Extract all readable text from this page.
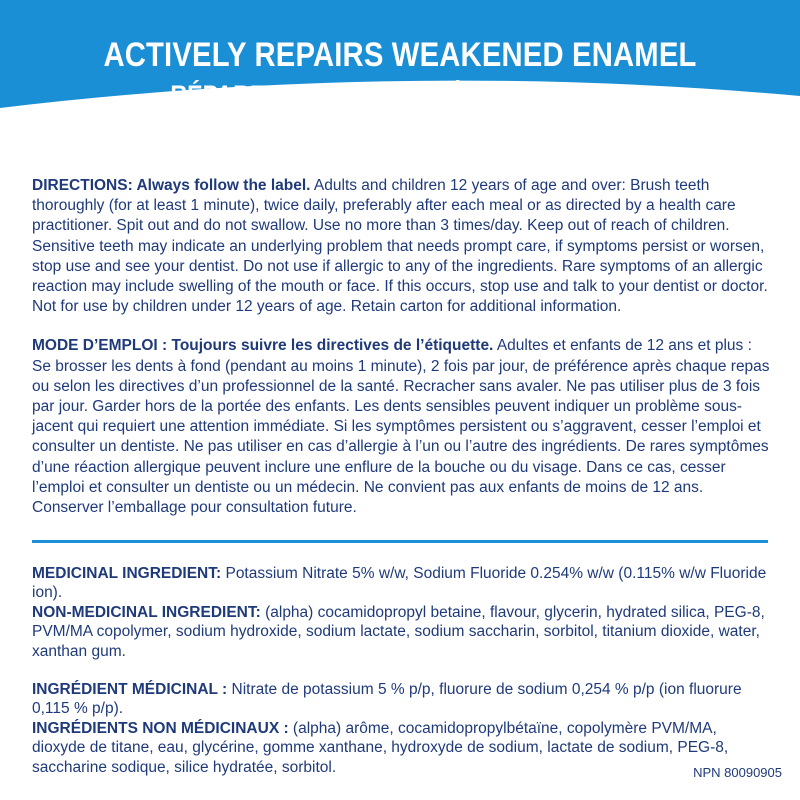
ACTIVELY REPAIRS WEAKENED ENAMEL
RÉPARE ACTIVEMENT L’ÉMAIL AFFAIBLI

DIRECTIONS: Always follow the label. Adults and children 12 years of age and over: Brush teeth thoroughly (for at least 1 minute), twice daily, preferably after each meal or as directed by a health care practitioner. Spit out and do not swallow. Use no more than 3 times/day. Keep out of reach of children. Sensitive teeth may indicate an underlying problem that needs prompt care, if symptoms persist or worsen, stop use and see your dentist. Do not use if allergic to any of the ingredients. Rare symptoms of an allergic reaction may include swelling of the mouth or face. If this occurs, stop use and talk to your dentist or doctor. Not for use by children under 12 years of age. Retain carton for additional information.

MODE D’EMPLOI : Toujours suivre les directives de l’étiquette. Adultes et enfants de 12 ans et plus : Se brosser les dents à fond (pendant au moins 1 minute), 2 fois par jour, de préférence après chaque repas ou selon les directives d’un professionnel de la santé. Recracher sans avaler. Ne pas utiliser plus de 3 fois par jour. Garder hors de la portée des enfants. Les dents sensibles peuvent indiquer un problème sous-jacent qui requiert une attention immédiate. Si les symptômes persistent ou s’aggravent, cesser l’emploi et consulter un dentiste. Ne pas utiliser en cas d’allergie à l’un ou l’autre des ingrédients. De rares symptômes d’une réaction allergique peuvent inclure une enflure de la bouche ou du visage. Dans ce cas, cesser l’emploi et consulter un dentiste ou un médecin. Ne convient pas aux enfants de moins de 12 ans. Conserver l’emballage pour consultation future.

MEDICINAL INGREDIENT: Potassium Nitrate 5% w/w, Sodium Fluoride 0.254% w/w (0.115% w/w Fluoride ion).

NON-MEDICINAL INGREDIENT: (alpha) cocamidopropyl betaine, flavour, glycerin, hydrated silica, PEG-8, PVM/MA copolymer, sodium hydroxide, sodium lactate, sodium saccharin, sorbitol, titanium dioxide, water, xanthan gum.

INGRÉDIENT MÉDICINAL : Nitrate de potassium 5 % p/p, fluorure de sodium 0,254 % p/p (ion fluorure 0,115 % p/p).

INGRÉDIENTS NON MÉDICINAUX : (alpha) arôme, cocamidopropylbétaïne, copolymère PVM/MA, dioxyde de titane, eau, glycérine, gomme xanthane, hydroxyde de sodium, lactate de sodium, PEG-8, saccharine sodique, silice hydratée, sorbitol.	NPN 80090905
